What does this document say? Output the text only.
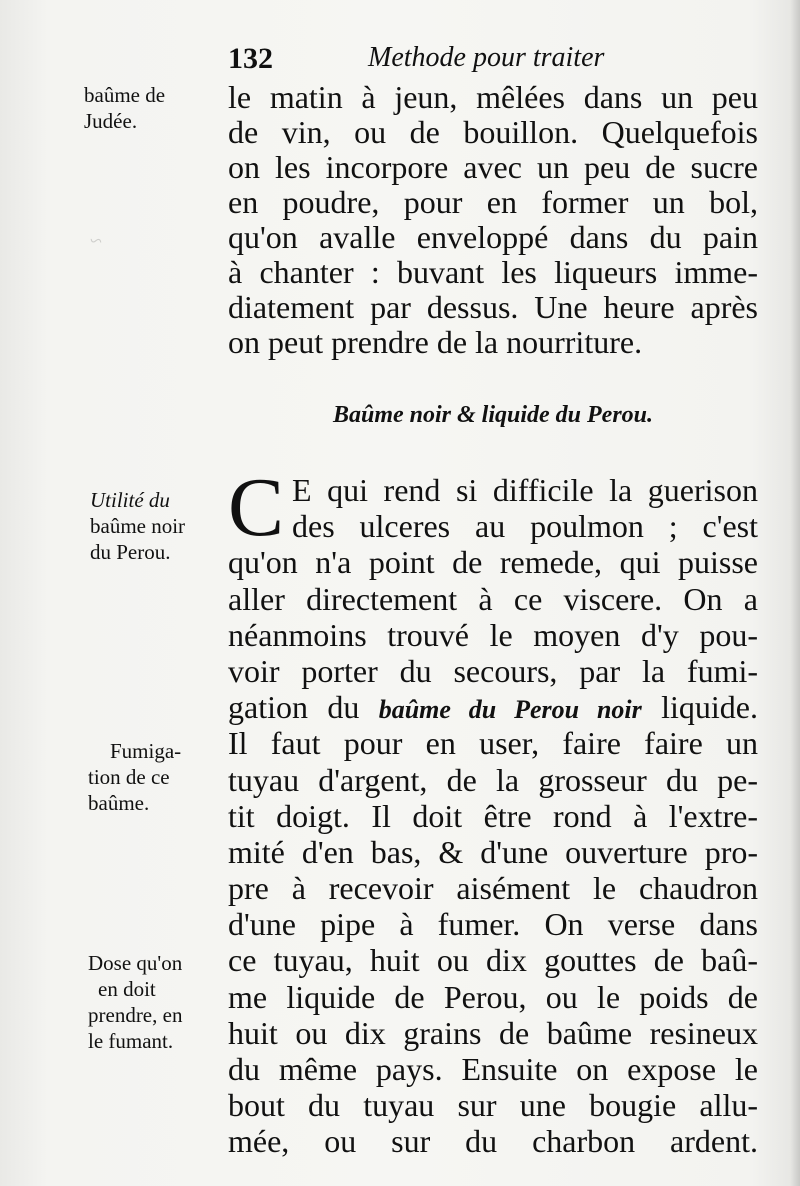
~
132	Methode pour traiter
baûme de
Judée.
le matin à jeun, mêlées dans un peu
de vin, ou de bouillon. Quelquefois
on les incorpore avec un peu de sucre
en poudre, pour en former un bol,
qu'on avalle enveloppé dans du pain
à chanter : buvant les liqueurs imme-
diatement par dessus. Une heure après
on peut prendre de la nourriture.
Baûme noir & liquide du Perou.
Utilité du
baûme noir
du Perou. C E qui rend si difficile la guerison
des ulceres au poulmon ; c'est
qu'on n'a point de remede, qui puisse
aller directement à ce viscere. On a
néanmoins trouvé le moyen d'y pou-
voir porter du secours, par la fumi-
gation du baûme du Perou noir liquide.
Il faut pour en user, faire faire un
tuyau d'argent, de la grosseur du pe-
tit doigt. Il doit être rond à l'extre-
mité d'en bas, & d'une ouverture pro-
pre à recevoir aisément le chaudron
d'une pipe à fumer. On verse dans
ce tuyau, huit ou dix gouttes de baû-
me liquide de Perou, ou le poids de
huit ou dix grains de baûme resineux
du même pays. Ensuite on expose le
bout du tuyau sur une bougie allu-
mée, ou sur du charbon ardent.
Fumiga-
tion de ce
baûme.
Dose qu'on
en doit
prendre, en
le fumant.
